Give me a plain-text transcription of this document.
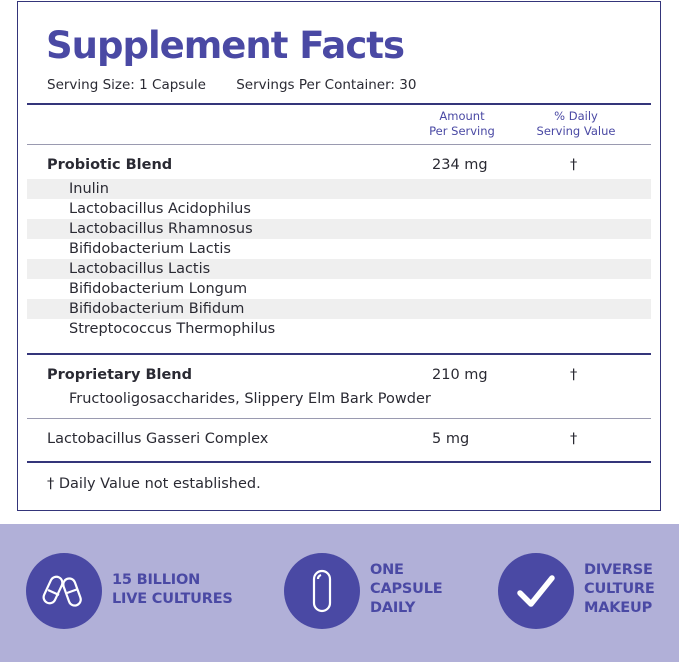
Supplement Facts
Serving Size: 1 Capsule Servings Per Container: 30
Amount
Per Serving
% Daily
Serving Value
Probiotic Blend	234 mg	†
Inulin
Lactobacillus Acidophilus
Lactobacillus Rhamnosus
Bifidobacterium Lactis
Lactobacillus Lactis
Bifidobacterium Longum
Bifidobacterium Bifidum
Streptococcus Thermophilus
Proprietary Blend	210 mg	†
Fructooligosaccharides, Slippery Elm Bark Powder
Lactobacillus Gasseri Complex	5 mg	†
† Daily Value not established.
15 BILLION
LIVE CULTURES
ONE
CAPSULE
DAILY
DIVERSE
CULTURE
MAKEUP
